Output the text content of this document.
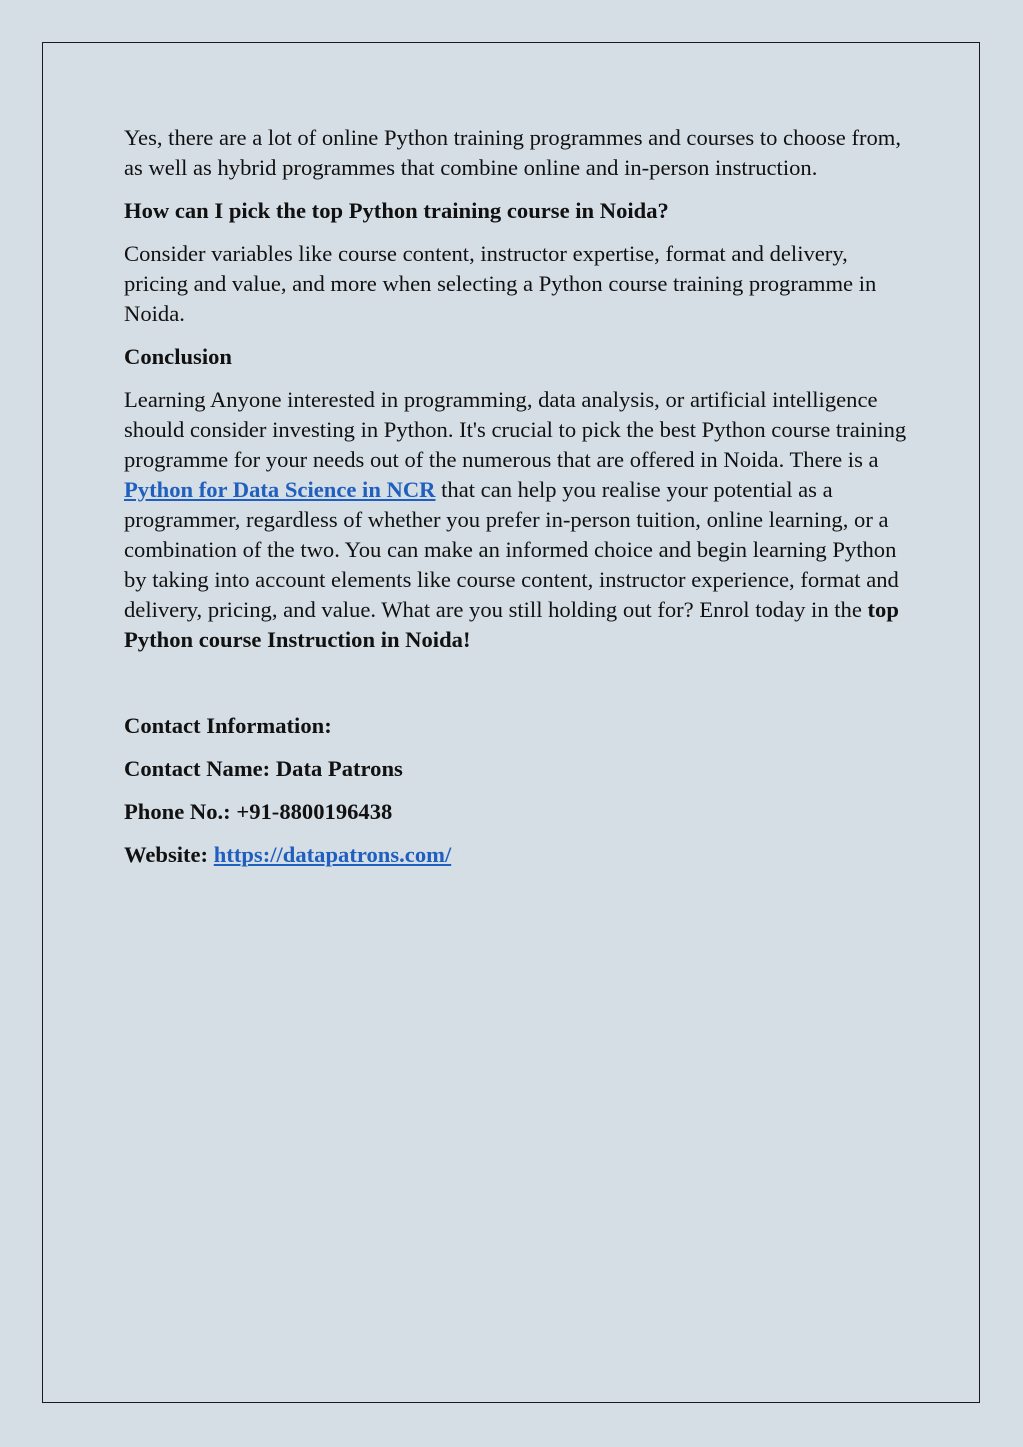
Yes, there are a lot of online Python training programmes and courses to choose from, as well as hybrid programmes that combine online and in-person instruction.

How can I pick the top Python training course in Noida?

Consider variables like course content, instructor expertise, format and delivery, pricing and value, and more when selecting a Python course training programme in Noida.

Conclusion

Learning Anyone interested in programming, data analysis, or artificial intelligence should consider investing in Python. It's crucial to pick the best Python course training programme for your needs out of the numerous that are offered in Noida. There is a Python for Data Science in NCR that can help you realise your potential as a programmer, regardless of whether you prefer in-person tuition, online learning, or a combination of the two. You can make an informed choice and begin learning Python by taking into account elements like course content, instructor experience, format and delivery, pricing, and value. What are you still holding out for? Enrol today in the top Python course Instruction in Noida!

Contact Information:

Contact Name: Data Patrons

Phone No.: +91-8800196438

Website: https://datapatrons.com/
